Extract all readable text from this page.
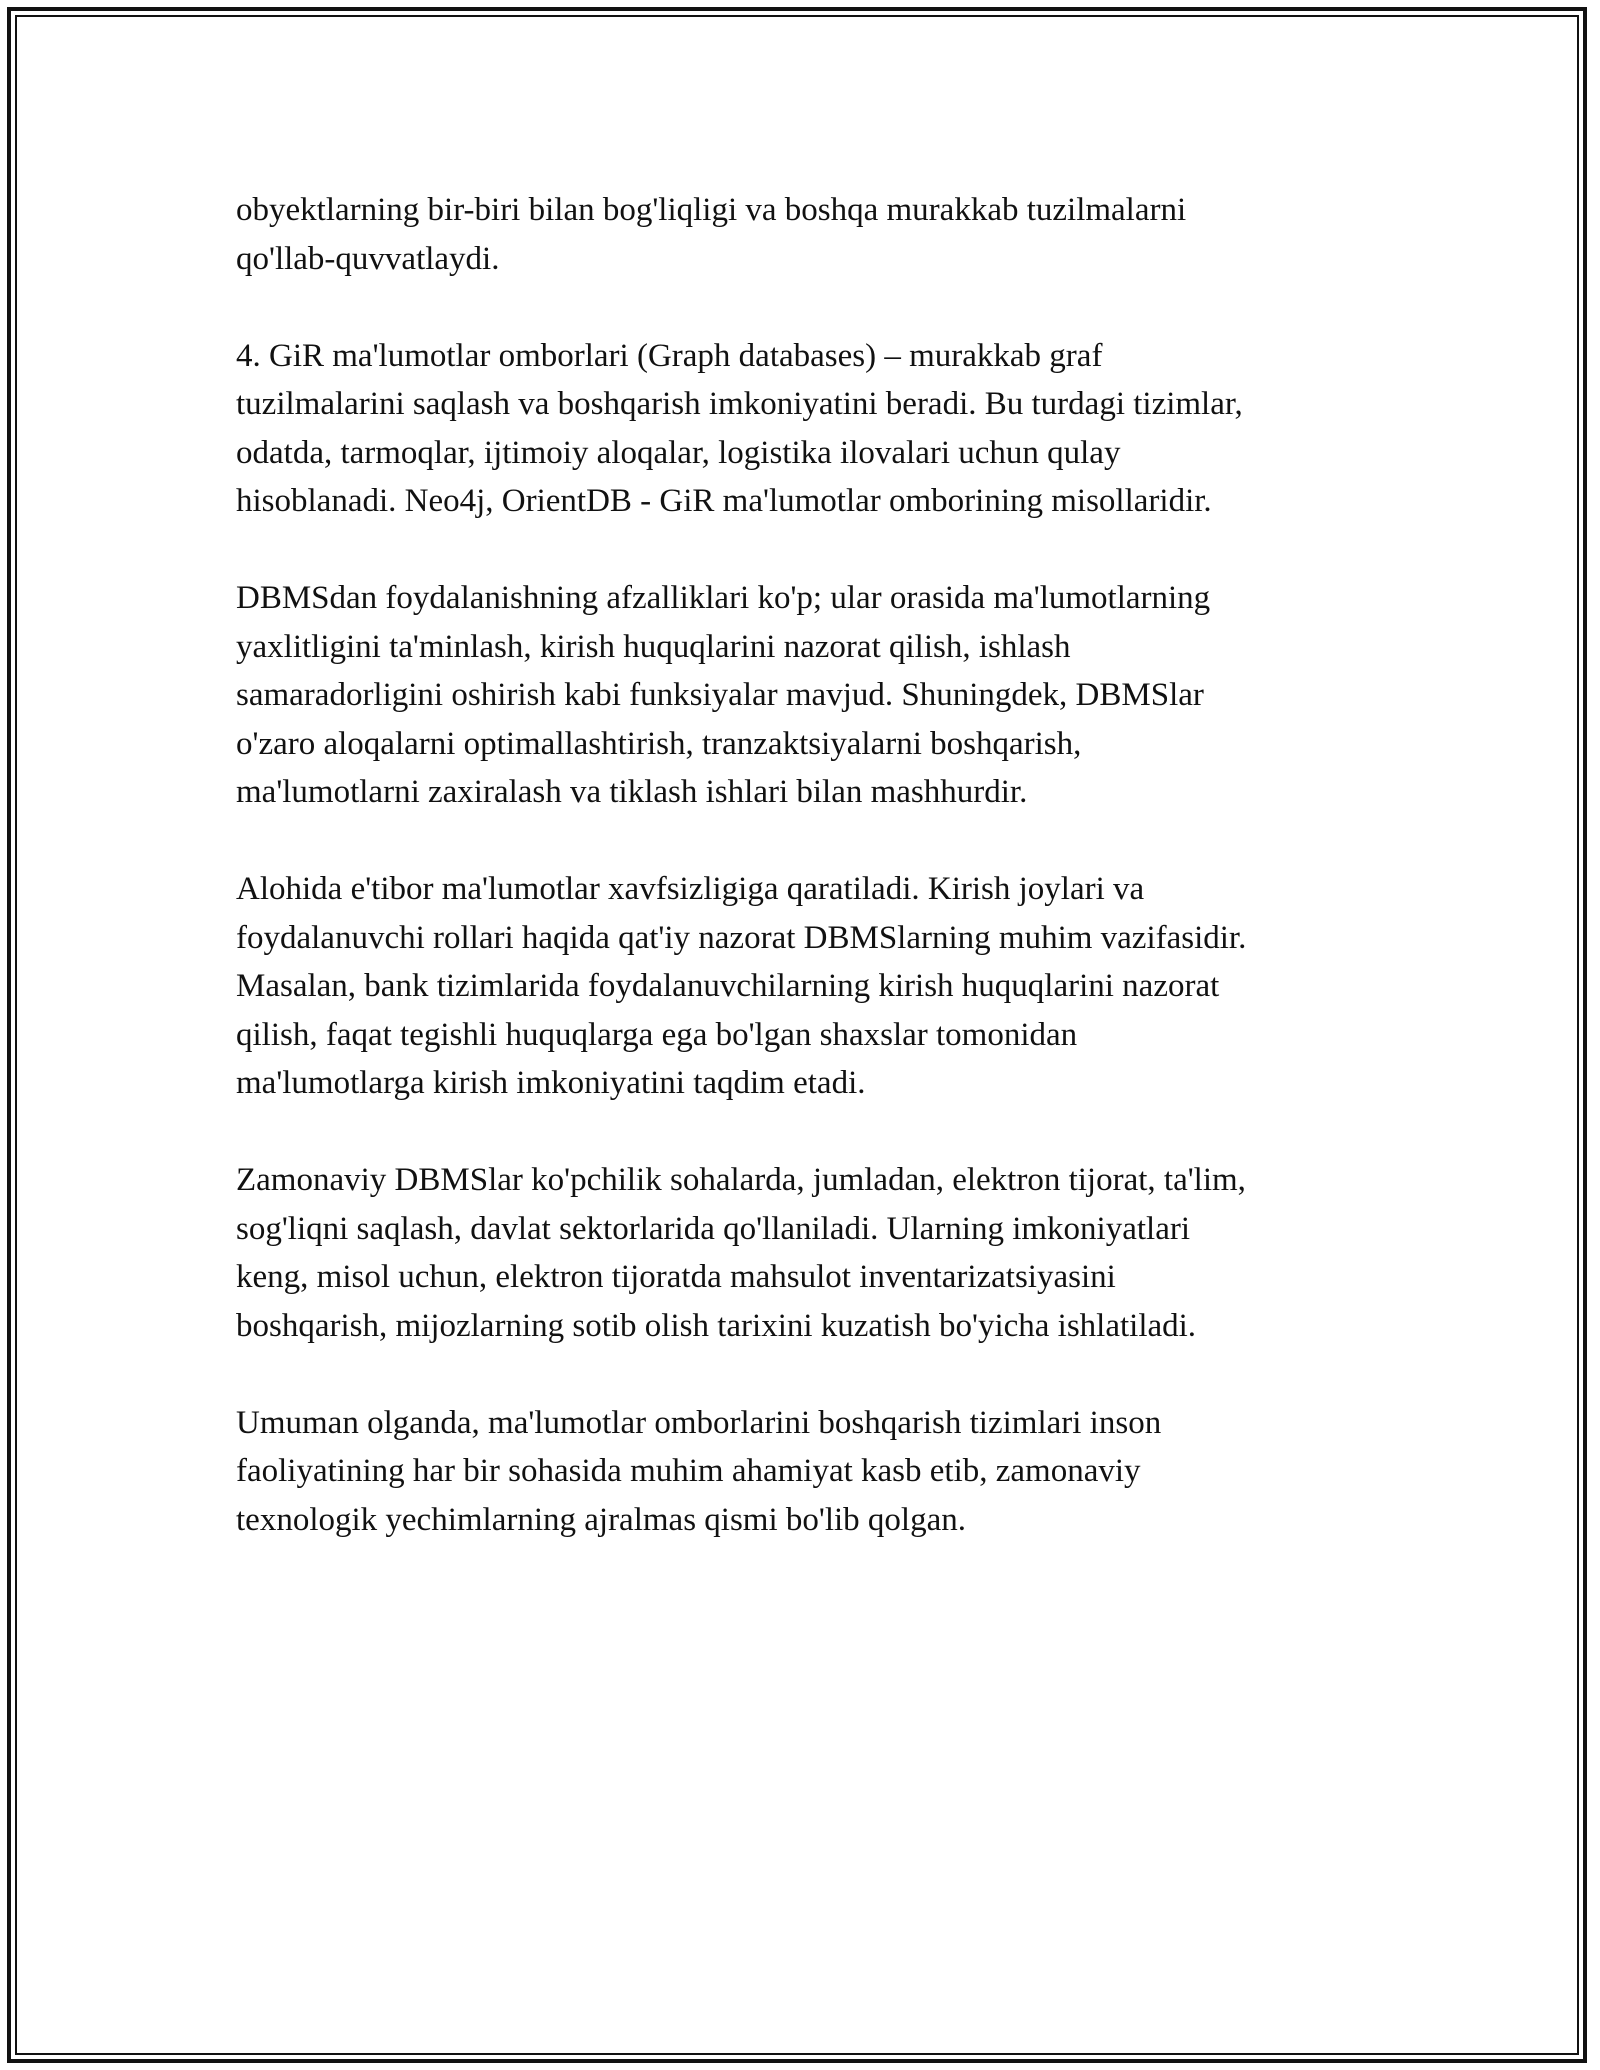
obyektlarning bir-biri bilan bog'liqligi va boshqa murakkab tuzilmalarni
qo'llab-quvvatlaydi.

4. GiR ma'lumotlar omborlari (Graph databases) – murakkab graf
tuzilmalarini saqlash va boshqarish imkoniyatini beradi. Bu turdagi tizimlar,
odatda, tarmoqlar, ijtimoiy aloqalar, logistika ilovalari uchun qulay
hisoblanadi. Neo4j, OrientDB - GiR ma'lumotlar omborining misollaridir.

DBMSdan foydalanishning afzalliklari ko'p; ular orasida ma'lumotlarning
yaxlitligini ta'minlash, kirish huquqlarini nazorat qilish, ishlash
samaradorligini oshirish kabi funksiyalar mavjud. Shuningdek, DBMSlar
o'zaro aloqalarni optimallashtirish, tranzaktsiyalarni boshqarish,
ma'lumotlarni zaxiralash va tiklash ishlari bilan mashhurdir.

Alohida e'tibor ma'lumotlar xavfsizligiga qaratiladi. Kirish joylari va
foydalanuvchi rollari haqida qat'iy nazorat DBMSlarning muhim vazifasidir.
Masalan, bank tizimlarida foydalanuvchilarning kirish huquqlarini nazorat
qilish, faqat tegishli huquqlarga ega bo'lgan shaxslar tomonidan
ma'lumotlarga kirish imkoniyatini taqdim etadi.

Zamonaviy DBMSlar ko'pchilik sohalarda, jumladan, elektron tijorat, ta'lim,
sog'liqni saqlash, davlat sektorlarida qo'llaniladi. Ularning imkoniyatlari
keng, misol uchun, elektron tijoratda mahsulot inventarizatsiyasini
boshqarish, mijozlarning sotib olish tarixini kuzatish bo'yicha ishlatiladi.

Umuman olganda, ma'lumotlar omborlarini boshqarish tizimlari inson
faoliyatining har bir sohasida muhim ahamiyat kasb etib, zamonaviy
texnologik yechimlarning ajralmas qismi bo'lib qolgan.
